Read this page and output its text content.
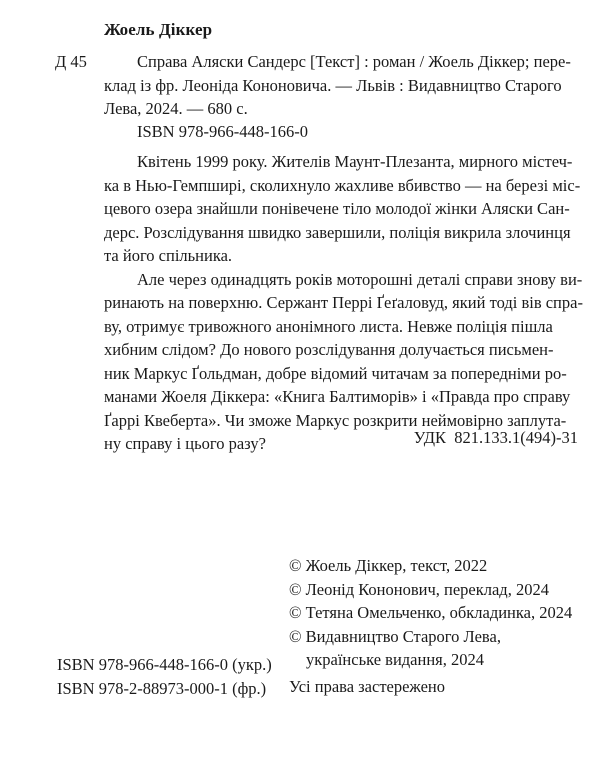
Жоель Діккер
Д 45	Справа Аляски Сандерс [Текст] : роман / Жоель Діккер; пере-
клад із фр. Леоніда Кононовича. — Львів : Видавництво Старого
Лева, 2024. — 680 с.
ISBN 978-966-448-166-0
Квітень 1999 року. Жителів Маунт-Плезанта, мирного містеч-
ка в Нью-Гемпширі, сколихнуло жахливе вбивство — на березі міс-
цевого озера знайшли понівечене тіло молодої жінки Аляски Сан-
дерс. Розслідування швидко завершили, поліція викрила злочинця
та його спільника.
Але через одинадцять років моторошні деталі справи знову ви-
ринають на поверхню. Сержант Перрі Ґеґаловуд, який тоді вів спра-
ву, отримує тривожного анонімного листа. Невже поліція пішла
хибним слідом? До нового розслідування долучається письмен-
ник Маркус Ґольдман, добре відомий читачам за попередніми ро-
манами Жоеля Діккера: «Книга Балтиморів» і «Правда про справу
Ґаррі Квеберта». Чи зможе Маркус розкрити неймовірно заплута-
ну справу і цього разу?	УДК  821.133.1(494)-31
© Жоель Діккер, текст, 2022
© Леонід Кононович, переклад, 2024
© Тетяна Омельченко, обкладинка, 2024
© Видавництво Старого Лева,
українське видання, 2024
ISBN 978-966-448-166-0 (укр.)
ISBN 978-2-88973-000-1 (фр.)	Усі права застережено
